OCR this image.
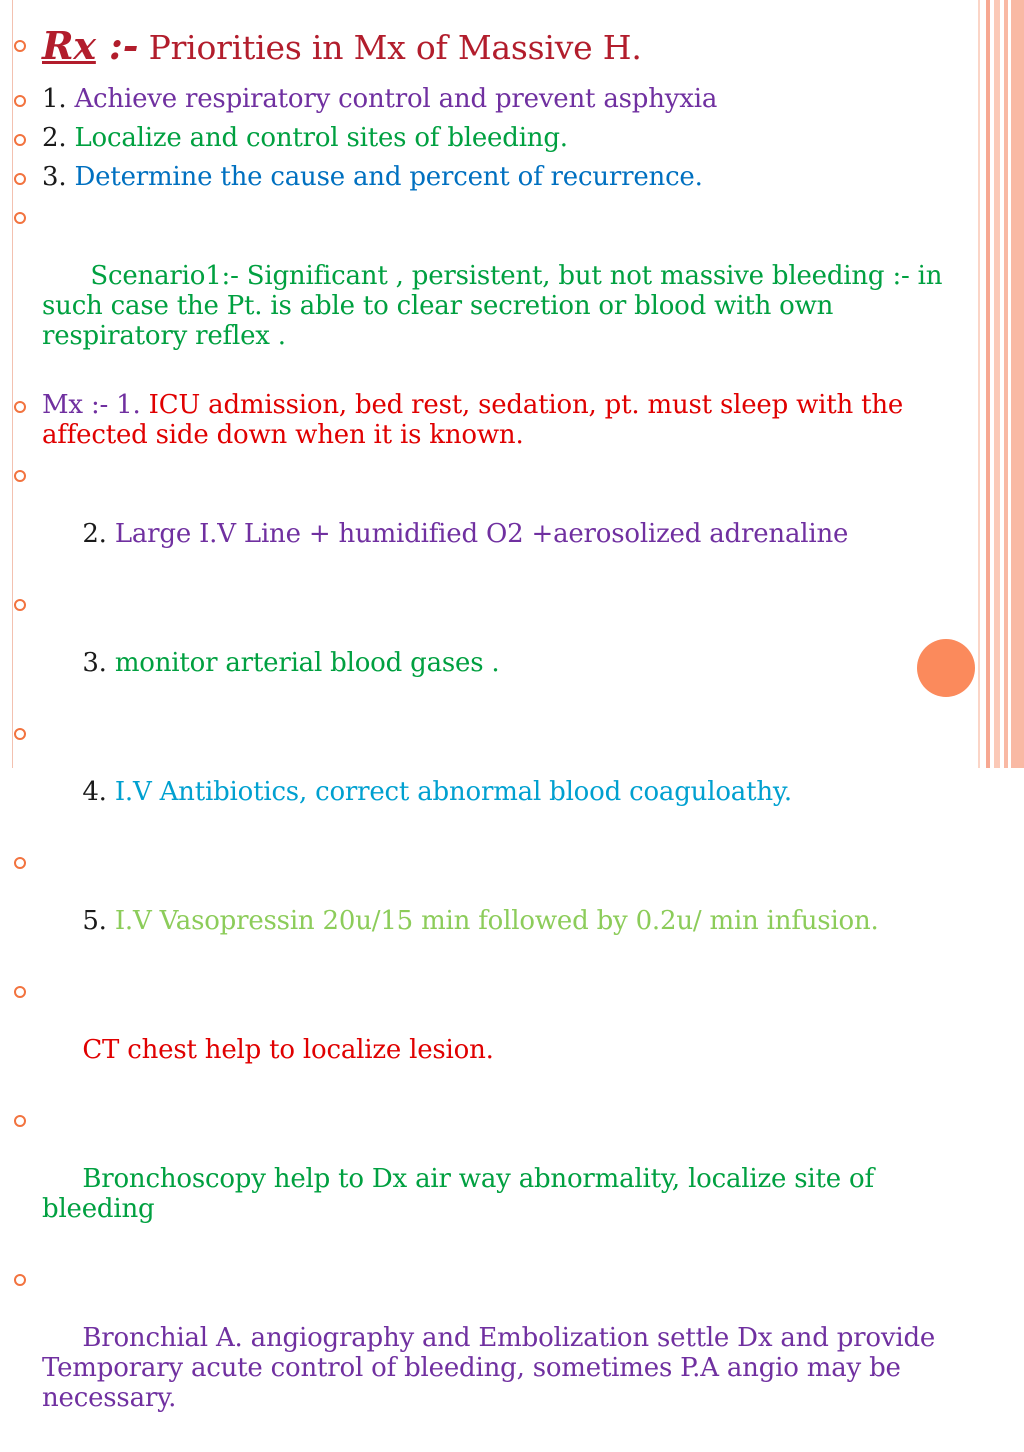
Rx :- Priorities in Mx of Massive H.
1. Achieve respiratory control and prevent asphyxia
2. Localize and control sites of bleeding.
3. Determine the cause and percent of recurrence.

Scenario1:- Significant , persistent, but not massive bleeding :- in such case the Pt. is able to clear secretion or blood with own respiratory reflex .

Mx :- 1. ICU admission, bed rest, sedation, pt. must sleep with the affected side down when it is known.

2. Large I.V Line + humidified O2 +aerosolized adrenaline

3. monitor arterial blood gases .

4. I.V Antibiotics, correct abnormal blood coaguloathy.

5. I.V Vasopressin 20u/15 min followed by 0.2u/ min infusion.

CT chest help to localize lesion.

Bronchoscopy help to Dx air way abnormality, localize site of bleeding

Bronchial A. angiography and Embolization settle Dx and provide Temporary acute control of bleeding, sometimes P.A angio may be necessary.
